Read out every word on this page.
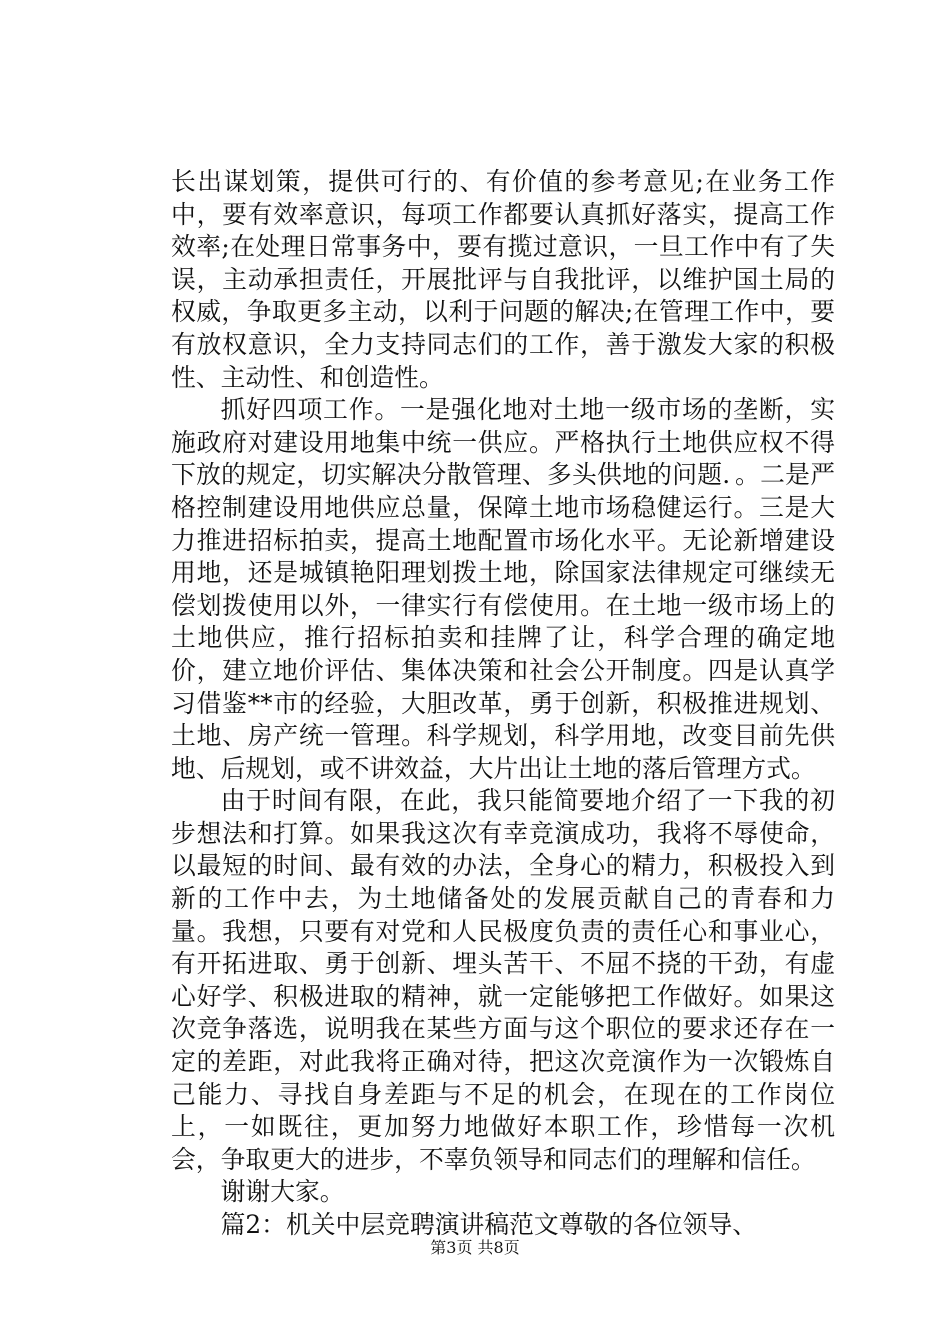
长出谋划策，提供可行的、有价值的参考意见;在业务工作中，要有效率意识，每项工作都要认真抓好落实，提高工作效率;在处理日常事务中，要有揽过意识，一旦工作中有了失误，主动承担责任，开展批评与自我批评，以维护国土局的权威，争取更多主动，以利于问题的解决;在管理工作中，要有放权意识，全力支持同志们的工作，善于激发大家的积极性、主动性、和创造性。

抓好四项工作。一是强化地对土地一级市场的垄断，实施政府对建设用地集中统一供应。严格执行土地供应权不得下放的规定，切实解决分散管理、多头供地的问题．。二是严格控制建设用地供应总量，保障土地市场稳健运行。三是大力推进招标拍卖，提高土地配置市场化水平。无论新增建设用地，还是城镇艳阳理划拨土地，除国家法律规定可继续无偿划拨使用以外，一律实行有偿使用。在土地一级市场上的土地供应，推行招标拍卖和挂牌了让，科学合理的确定地价，建立地价评估、集体决策和社会公开制度。四是认真学习借鉴**市的经验，大胆改革，勇于创新，积极推进规划、土地、房产统一管理。科学规划，科学用地，改变目前先供地、后规划，或不讲效益，大片出让土地的落后管理方式。

由于时间有限，在此，我只能简要地介绍了一下我的初步想法和打算。如果我这次有幸竞演成功，我将不辱使命，以最短的时间、最有效的办法，全身心的精力，积极投入到新的工作中去，为土地储备处的发展贡献自己的青春和力量。我想，只要有对党和人民极度负责的责任心和事业心，有开拓进取、勇于创新、埋头苦干、不屈不挠的干劲，有虚心好学、积极进取的精神，就一定能够把工作做好。如果这次竞争落选，说明我在某些方面与这个职位的要求还存在一定的差距，对此我将正确对待，把这次竞演作为一次锻炼自己能力、寻找自身差距与不足的机会，在现在的工作岗位上，一如既往，更加努力地做好本职工作，珍惜每一次机会，争取更大的进步，不辜负领导和同志们的理解和信任。

谢谢大家。

篇2：机关中层竞聘演讲稿范文尊敬的各位领导、

第3页 共8页
